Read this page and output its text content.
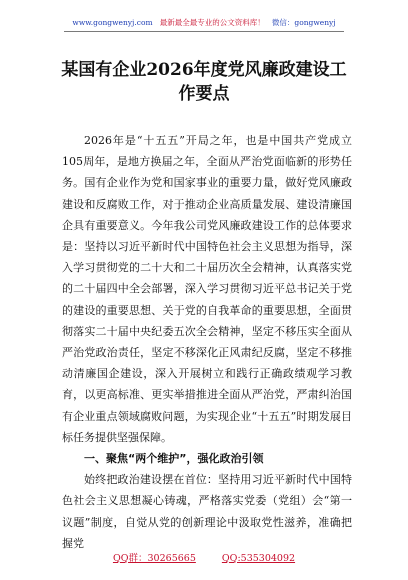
www.gongwenyj.com 最新最全最专业的公文资料库！ 微信：gongwenyj
某国有企业2026年度党风廉政建设工作要点

2026年是“十五五”开局之年，也是中国共产党成立105周年，是地方换届之年，全面从严治党面临新的形势任务。国有企业作为党和国家事业的重要力量，做好党风廉政建设和反腐败工作，对于推动企业高质量发展、建设清廉国企具有重要意义。今年我公司党风廉政建设工作的总体要求是：坚持以习近平新时代中国特色社会主义思想为指导，深入学习贯彻党的二十大和二十届历次全会精神，认真落实党的二十届四中全会部署，深入学习贯彻习近平总书记关于党的建设的重要思想、关于党的自我革命的重要思想，全面贯彻落实二十届中央纪委五次全会精神，坚定不移压实全面从严治党政治责任，坚定不移深化正风肃纪反腐，坚定不移推动清廉国企建设，深入开展树立和践行正确政绩观学习教育，以更高标准、更实举措推进全面从严治党，严肃纠治国有企业重点领域腐败问题，为实现企业“十五五”时期发展目标任务提供坚强保障。

一、聚焦“两个维护”，强化政治引领

始终把政治建设摆在首位：坚持用习近平新时代中国特色社会主义思想凝心铸魂，严格落实党委（党组）会“第一议题”制度，自觉从党的创新理论中汲取党性滋养，准确把握党

QQ群：30265665	QQ:535304092
